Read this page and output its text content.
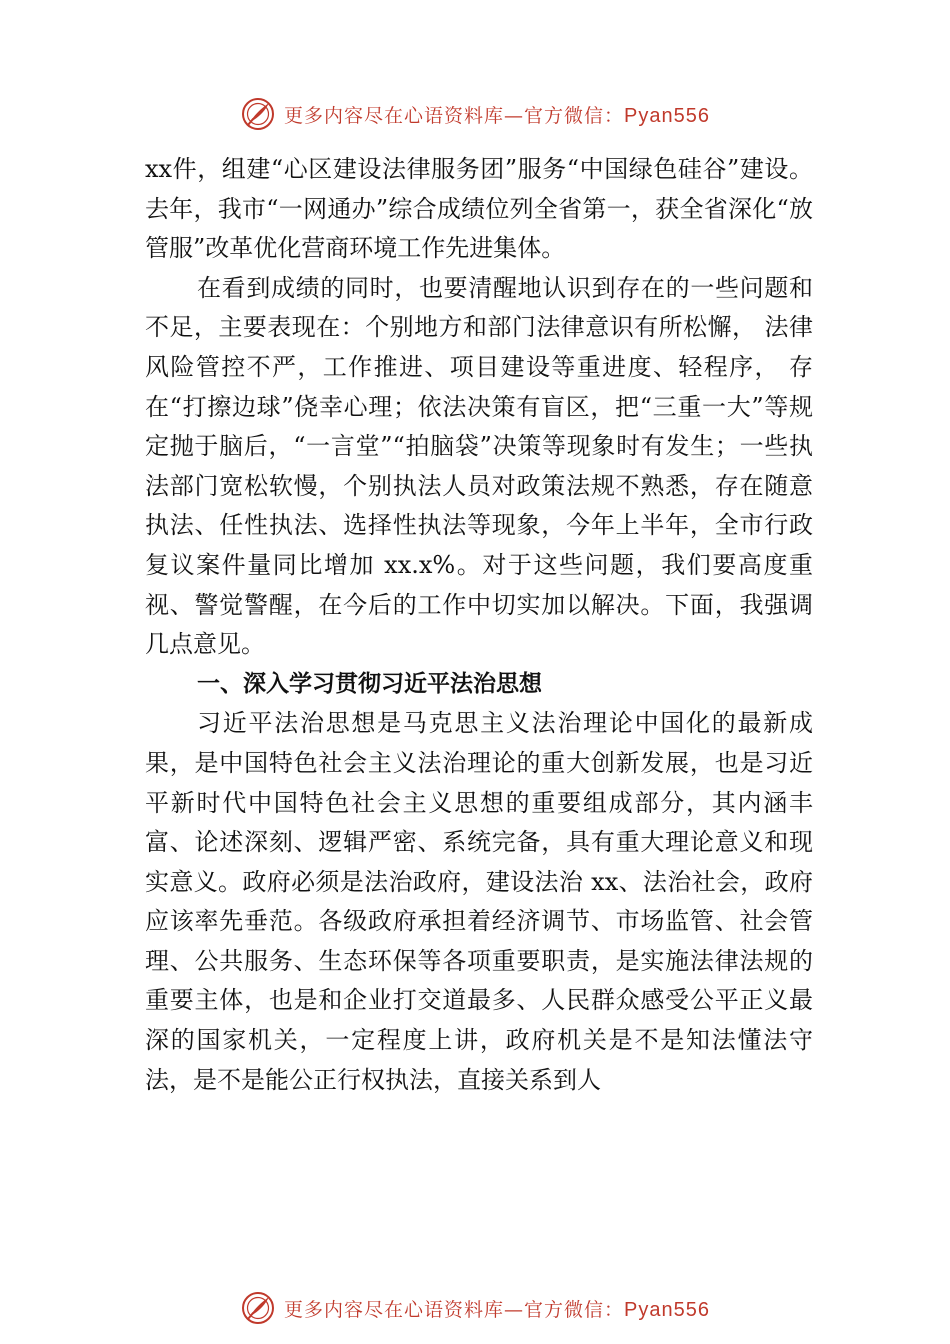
更多内容尽在心语资料库—官方微信：Pyan556

xx件，组建“⼼区建设法律服务团”服务“中国绿色硅谷”建设。去年，我市“一网通办”综合成绩位列全省第一，获全省深化“放管服”改革优化营商环境工作先进集体。

在看到成绩的同时，也要清醒地认识到存在的一些问题和不足，主要表现在：个别地方和部门法律意识有所松懈， 法律风险管控不严，工作推进、项目建设等重进度、轻程序， 存在“打擦边球”侥幸心理；依法决策有盲区，把“三重一大”等规定抛于脑后，“一言堂”“拍脑袋”决策等现象时有发生；一些执法部门宽松软慢，个别执法人员对政策法规不熟悉，存在随意执法、任性执法、选择性执法等现象，今年上半年，全市行政复议案件量同比增加 xx.x%。对于这些问题，我们要高度重视、警觉警醒，在今后的工作中切实加以解决。下面，我强调几点意见。

一、深入学习贯彻习近平法治思想

习近平法治思想是马克思主义法治理论中国化的最新成果，是中国特色社会主义法治理论的重大创新发展，也是习近平新时代中国特色社会主义思想的重要组成部分，其内涵丰富、论述深刻、逻辑严密、系统完备，具有重大理论意义和现实意义。政府必须是法治政府，建设法治 xx、法治社会，政府应该率先垂范。各级政府承担着经济调节、市场监管、社会管理、公共服务、生态环保等各项重要职责，是实施法律法规的重要主体，也是和企业打交道最多、人民群众感受公平正义最深的国家机关，一定程度上讲，政府机关是不是知法懂法守法，是不是能公正行权执法，直接关系到人

更多内容尽在心语资料库—官方微信：Pyan556
